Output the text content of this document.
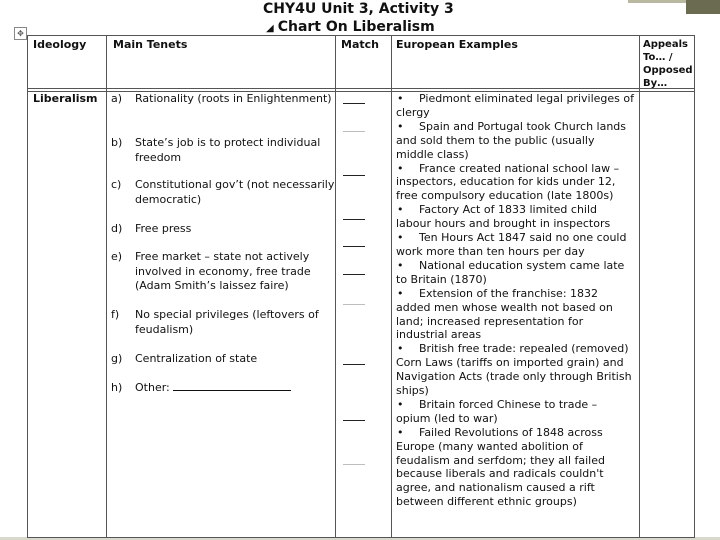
CHY4U Unit 3, Activity 3
◢ Chart On Liberalism
✥
Ideology Main Tenets	Match European Examples	Appeals To… / Opposed By…
Liberalism a) Rationality (roots in Enlightenment)
b) State’s job is to protect individual freedom
c) Constitutional gov’t (not necessarily democratic)
d) Free press
e) Free market – state not actively involved in economy, free trade (Adam Smith’s laissez faire)
f) No special privileges (leftovers of feudalism)
g) Centralization of state
h) Other:
• Piedmont eliminated legal privileges of clergy
• Spain and Portugal took Church lands and sold them to the public (usually middle class)
• France created national school law – inspectors, education for kids under 12, free compulsory education (late 1800s)
• Factory Act of 1833 limited child labour hours and brought in inspectors
• Ten Hours Act 1847 said no one could work more than ten hours per day
• National education system came late to Britain (1870)
• Extension of the franchise: 1832 added men whose wealth not based on land; increased representation for industrial areas
• British free trade: repealed (removed) Corn Laws (tariffs on imported grain) and Navigation Acts (trade only through British ships)
• Britain forced Chinese to trade – opium (led to war)
• Failed Revolutions of 1848 across Europe (many wanted abolition of feudalism and serfdom; they all failed because liberals and radicals couldn't agree, and nationalism caused a rift between different ethnic groups)
